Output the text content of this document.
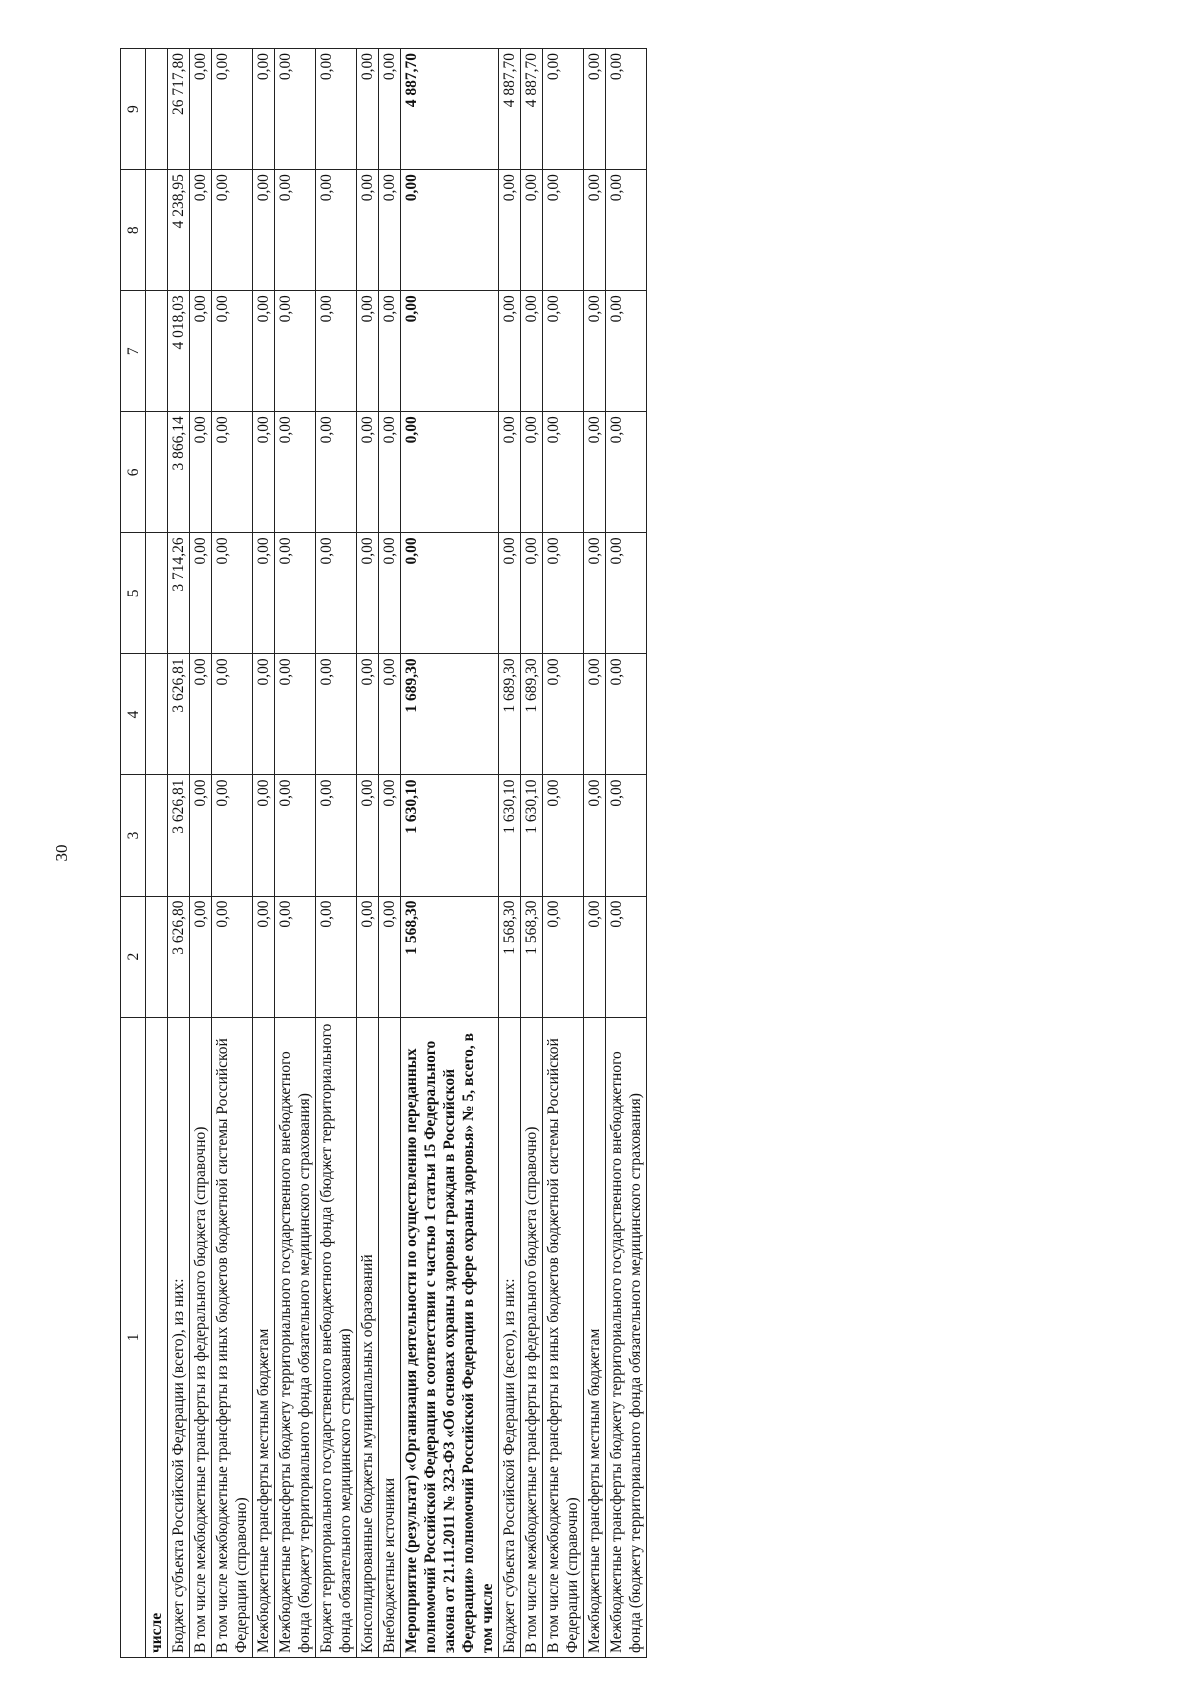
30
1	2	3	4	5	6	7	8	9
числе								
Бюджет субъекта Российской Федерации (всего), из них:	3 626,80	3 626,81	3 626,81	3 714,26	3 866,14	4 018,03	4 238,95	26 717,80
В том числе межбюджетные трансферты из федерального бюджета (справочно)	0,00	0,00	0,00	0,00	0,00	0,00	0,00	0,00
В том числе межбюджетные трансферты из иных бюджетов бюджетной системы Российской Федерации (справочно)	0,00	0,00	0,00	0,00	0,00	0,00	0,00	0,00
Межбюджетные трансферты местным бюджетам	0,00	0,00	0,00	0,00	0,00	0,00	0,00	0,00
Межбюджетные трансферты бюджету территориального государственного внебюджетного фонда (бюджету территориального фонда обязательного медицинского страхования)	0,00	0,00	0,00	0,00	0,00	0,00	0,00	0,00
Бюджет территориального государственного внебюджетного фонда (бюджет территориального фонда обязательного медицинского страхования)	0,00	0,00	0,00	0,00	0,00	0,00	0,00	0,00
Консолидированные бюджеты муниципальных образований	0,00	0,00	0,00	0,00	0,00	0,00	0,00	0,00
Внебюджетные источники	0,00	0,00	0,00	0,00	0,00	0,00	0,00	0,00
Мероприятие (результат) «Организация деятельности по осуществлению переданных полномочий Российской Федерации в соответствии с частью 1 статьи 15 Федерального закона от 21.11.2011 № 323-ФЗ «Об основах охраны здоровья граждан в Российской Федерации» полномочий Российской Федерации в сфере охраны здоровья» № 5, всего, в том числе	1 568,30	1 630,10	1 689,30	0,00	0,00	0,00	0,00	4 887,70
Бюджет субъекта Российской Федерации (всего), из них:	1 568,30	1 630,10	1 689,30	0,00	0,00	0,00	0,00	4 887,70
В том числе межбюджетные трансферты из федерального бюджета (справочно)	1 568,30	1 630,10	1 689,30	0,00	0,00	0,00	0,00	4 887,70
В том числе межбюджетные трансферты из иных бюджетов бюджетной системы Российской Федерации (справочно)	0,00	0,00	0,00	0,00	0,00	0,00	0,00	0,00
Межбюджетные трансферты местным бюджетам	0,00	0,00	0,00	0,00	0,00	0,00	0,00	0,00
Межбюджетные трансферты бюджету территориального государственного внебюджетного фонда (бюджету территориального фонда обязательного медицинского страхования)	0,00	0,00	0,00	0,00	0,00	0,00	0,00	0,00
